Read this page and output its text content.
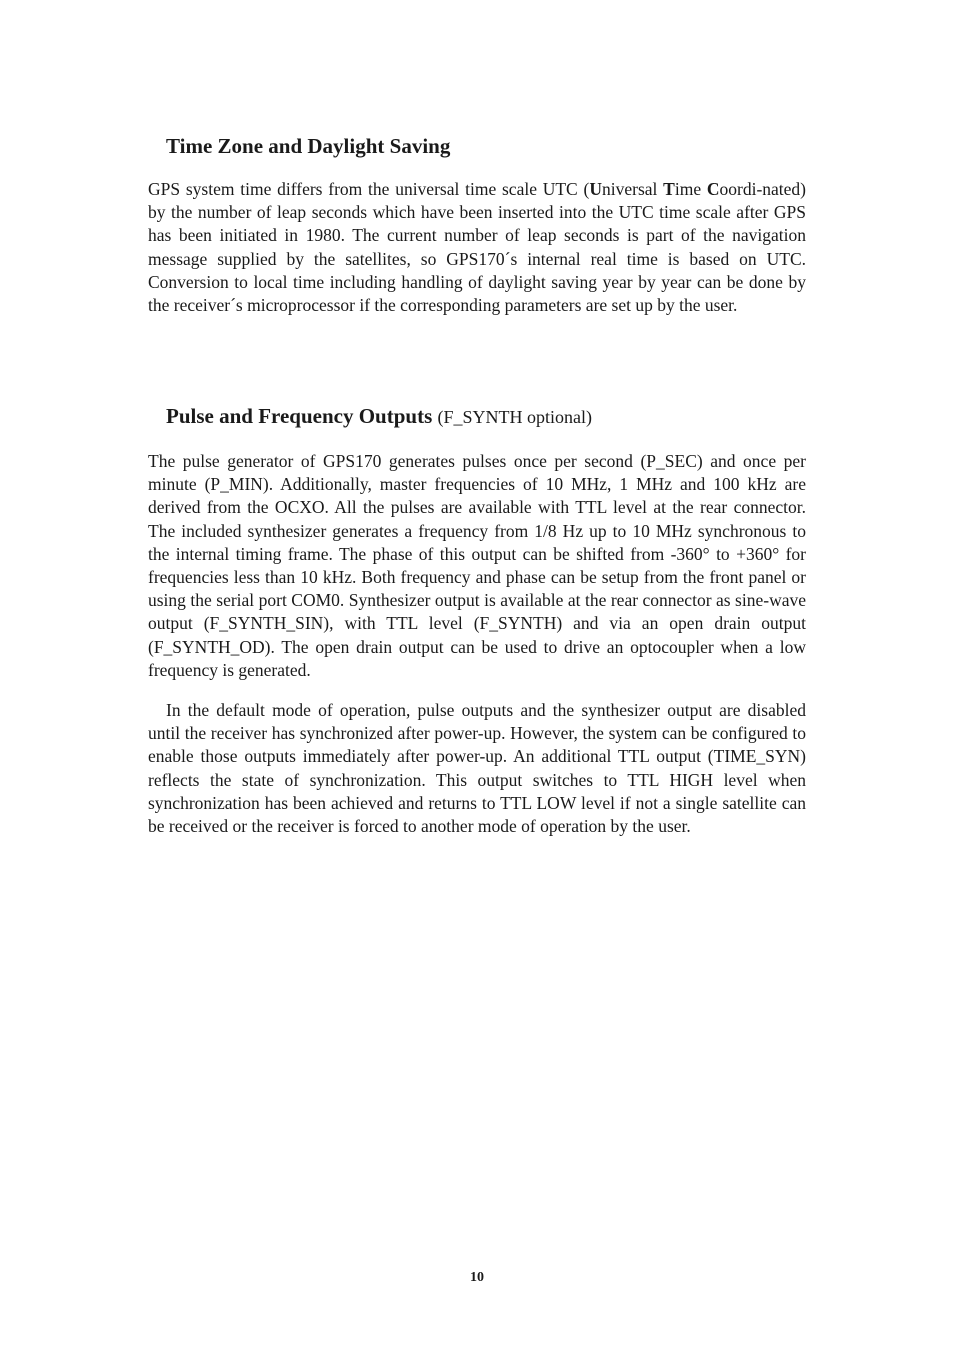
Time Zone and Daylight Saving

GPS system time differs from the universal time scale UTC (Universal Time Coordi-nated) by the number of leap seconds which have been inserted into the UTC time scale after GPS has been initiated in 1980. The current number of leap seconds is part of the navigation message supplied by the satellites, so GPS170´s internal real time is based on UTC. Conversion to local time including handling of daylight saving year by year can be done by the receiver´s microprocessor if the corresponding parameters are set up by the user.

Pulse and Frequency Outputs (F_SYNTH optional)

The pulse generator of GPS170 generates pulses once per second (P_SEC) and once per minute (P_MIN). Additionally, master frequencies of 10 MHz, 1 MHz and 100 kHz are derived from the OCXO. All the pulses are available with TTL level at the rear connector. The included synthesizer generates a frequency from 1/8 Hz up to 10 MHz synchronous to the internal timing frame. The phase of this output can be shifted from -360° to +360° for frequencies less than 10 kHz. Both frequency and phase can be setup from the front panel or using the serial port COM0. Synthesizer output is available at the rear connector as sine-wave output (F_SYNTH_SIN), with TTL level (F_SYNTH) and via an open drain output (F_SYNTH_OD). The open drain output can be used to drive an optocoupler when a low frequency is generated.

In the default mode of operation, pulse outputs and the synthesizer output are disabled until the receiver has synchronized after power-up. However, the system can be configured to enable those outputs immediately after power-up. An additional TTL output (TIME_SYN) reflects the state of synchronization. This output switches to TTL HIGH level when synchronization has been achieved and returns to TTL LOW level if not a single satellite can be received or the receiver is forced to another mode of operation by the user.

10
